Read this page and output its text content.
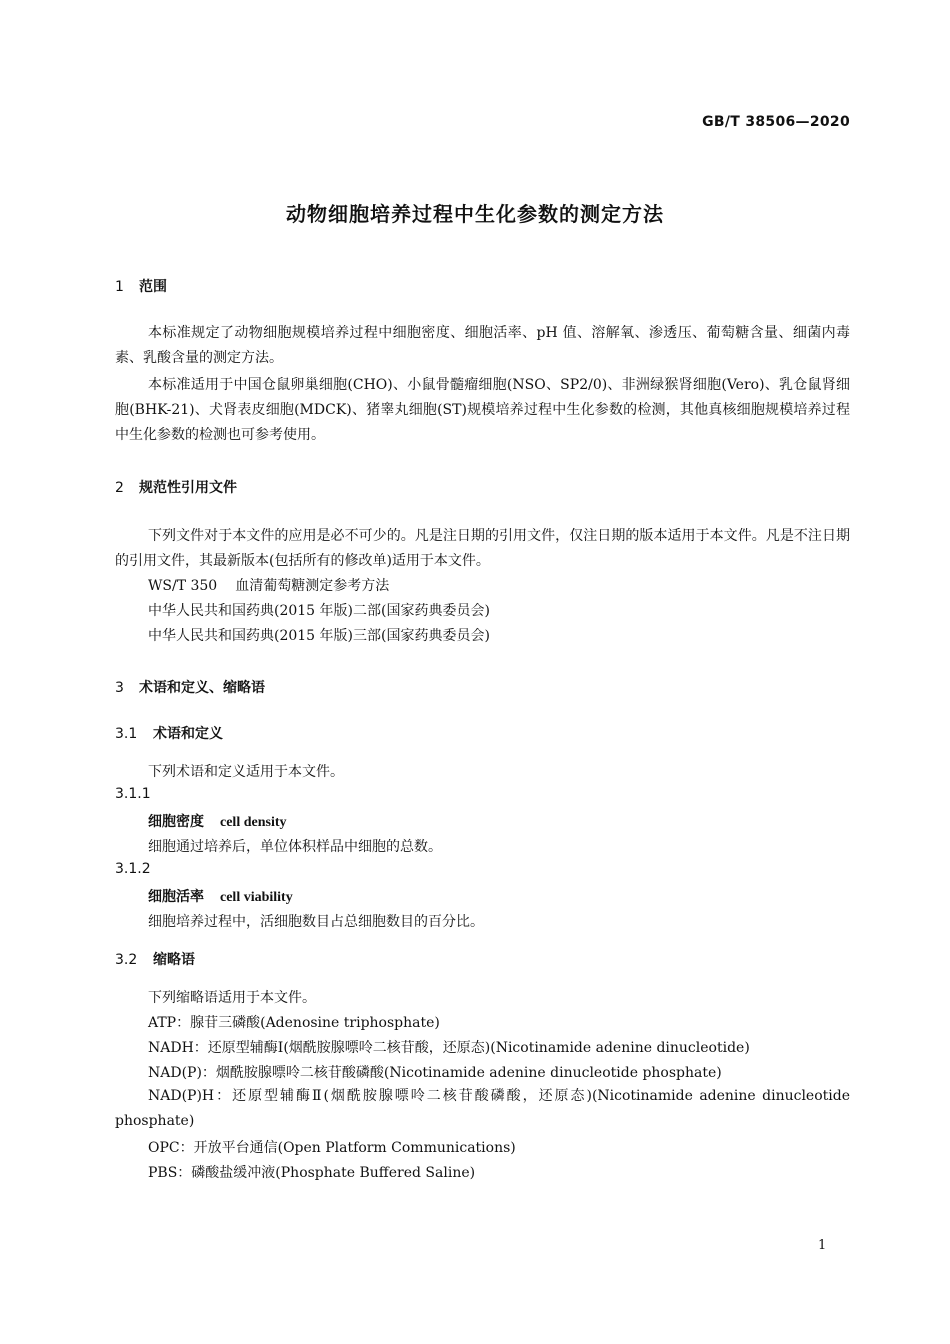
GB/T 38506—2020
动物细胞培养过程中生化参数的测定方法
1 范围
本标准规定了动物细胞规模培养过程中细胞密度、细胞活率、pH 值、溶解氧、渗透压、葡萄糖含量、细菌内毒素、乳酸含量的测定方法。
本标准适用于中国仓鼠卵巢细胞(CHO)、小鼠骨髓瘤细胞(NSO、SP2/0)、非洲绿猴肾细胞(Vero)、乳仓鼠肾细胞(BHK-21)、犬肾表皮细胞(MDCK)、猪睾丸细胞(ST)规模培养过程中生化参数的检测，其他真核细胞规模培养过程中生化参数的检测也可参考使用。
2 规范性引用文件
下列文件对于本文件的应用是必不可少的。凡是注日期的引用文件，仅注日期的版本适用于本文件。凡是不注日期的引用文件，其最新版本(包括所有的修改单)适用于本文件。
WS/T 350 血清葡萄糖测定参考方法
中华人民共和国药典(2015 年版)二部(国家药典委员会)
中华人民共和国药典(2015 年版)三部(国家药典委员会)
3 术语和定义、缩略语
3.1 术语和定义
下列术语和定义适用于本文件。
3.1.1
细胞密度 cell density
细胞通过培养后，单位体积样品中细胞的总数。
3.1.2
细胞活率 cell viability
细胞培养过程中，活细胞数目占总细胞数目的百分比。
3.2 缩略语
下列缩略语适用于本文件。
ATP：腺苷三磷酸(Adenosine triphosphate)
NADH：还原型辅酶Ⅰ(烟酰胺腺嘌呤二核苷酸，还原态)(Nicotinamide adenine dinucleotide)
NAD(P)：烟酰胺腺嘌呤二核苷酸磷酸(Nicotinamide adenine dinucleotide phosphate)
NAD(P)H：还原型辅酶Ⅱ(烟酰胺腺嘌呤二核苷酸磷酸，还原态)(Nicotinamide adenine dinucleotide phosphate)
OPC：开放平台通信(Open Platform Communications)
PBS：磷酸盐缓冲液(Phosphate Buffered Saline)
1
